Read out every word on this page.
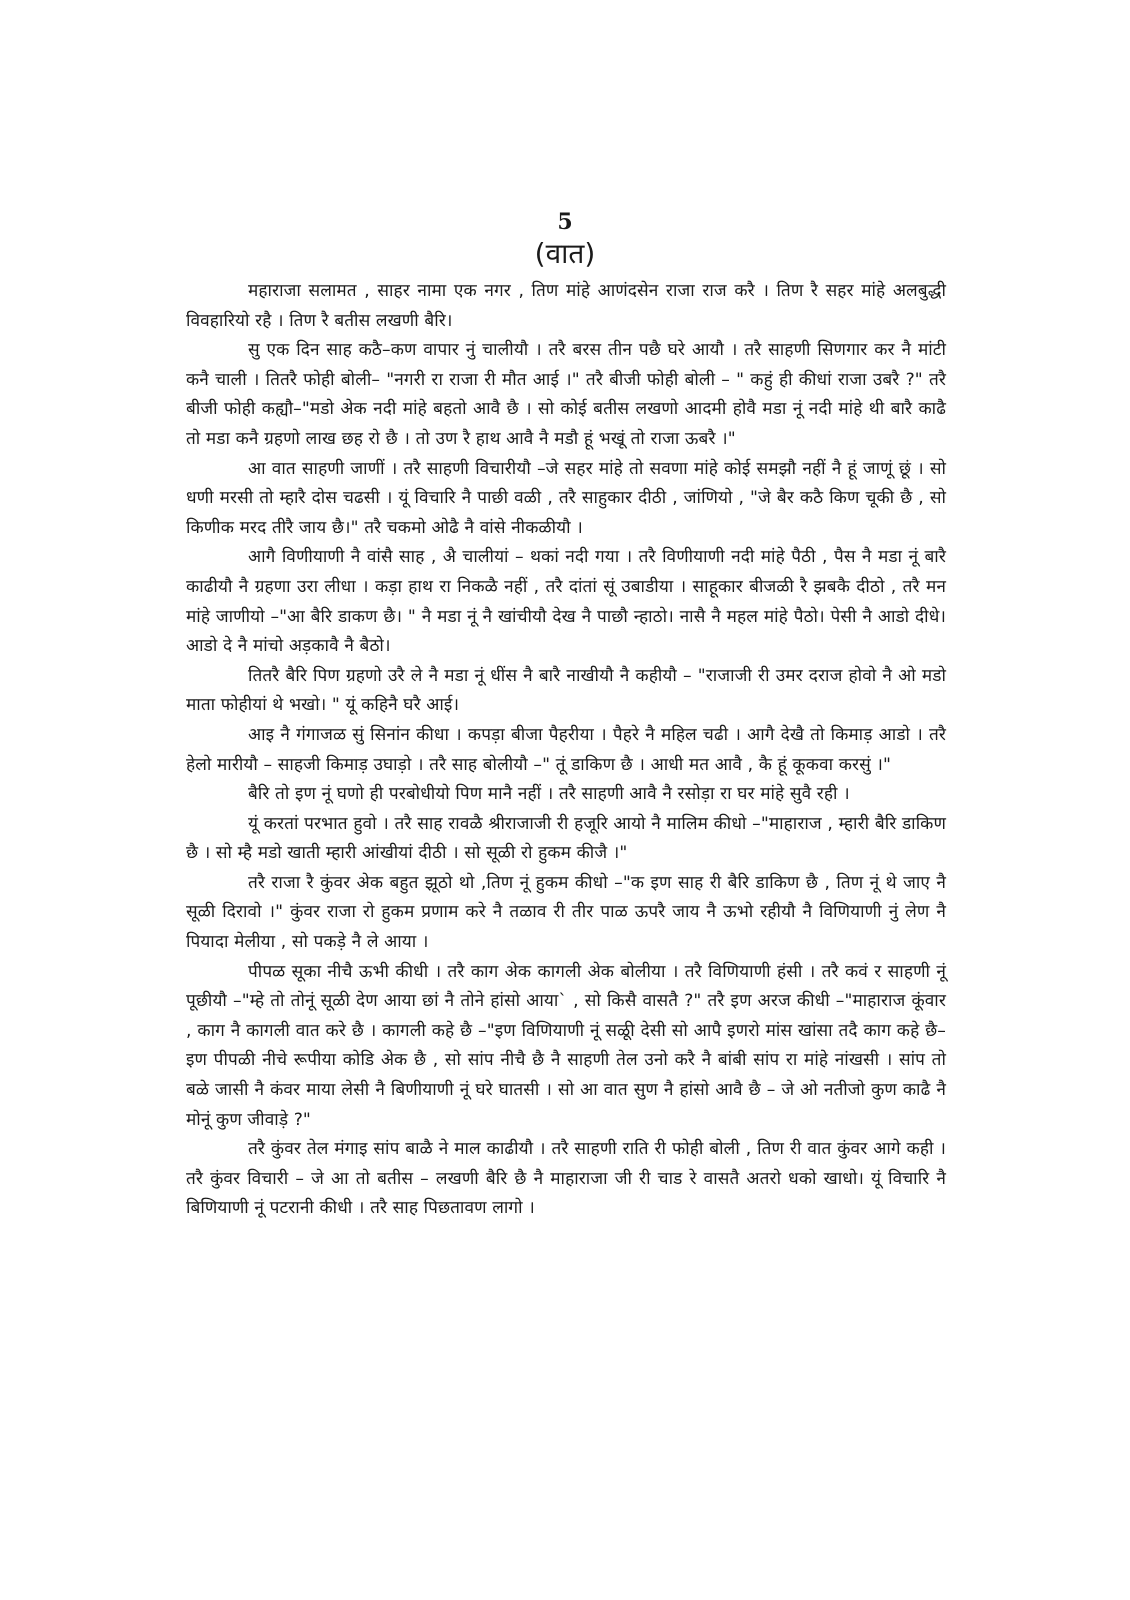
5
(वात)

महाराजा सलामत , साहर नामा एक नगर , तिण मांहे आणंदसेन राजा राज करै । तिण रै सहर मांहे अलबुद्धी विवहारियो रहै । तिण रै बतीस लखणी बैरि।

सु एक दिन साह कठै–कण वापार नुं चालीयौ । तरै बरस तीन पछै घरे आयौ । तरै साहणी सिणगार कर नै मांटी कनै चाली । तितरै फोही बोली– "नगरी रा राजा री मौत आई ।" तरै बीजी फोही बोली – " कहुं ही कीधां राजा उबरै ?" तरै बीजी फोही कह्यौ–"मडो अेक नदी मांहे बहतो आवै छै । सो कोई बतीस लखणो आदमी होवै मडा नूं नदी मांहे थी बारै काढै तो मडा कनै ग्रहणो लाख छह रो छै । तो उण रै हाथ आवै नै मडौ हूं भखूं तो राजा ऊबरै ।"

आ वात साहणी जाणीं । तरै साहणी विचारीयौ –जे सहर मांहे तो सवणा मांहे कोई समझौ नहीं नै हूं जाणूं छूं । सो धणी मरसी तो म्हारै दोस चढसी । यूं विचारि नै पाछी वळी , तरै साहुकार दीठी , जांणियो , "जे बैर कठै किण चूकी छै , सो किणीक मरद तीरै जाय छै।" तरै चकमो ओढै नै वांसे नीकळीयौ ।

आगै विणीयाणी नै वांसै साह , अै चालीयां – थकां नदी गया । तरै विणीयाणी नदी मांहे पैठी , पैस नै मडा नूं बारै काढीयौ नै ग्रहणा उरा लीधा । कड़ा हाथ रा निकळै नहीं , तरै दांतां सूं उबाडीया । साहूकार बीजळी रै झबकै दीठो , तरै मन मांहे जाणीयो –"आ बैरि डाकण छै। " नै मडा नूं नै खांचीयौ देख नै पाछौ न्हाठो। नासै नै महल मांहे पैठो। पेसी नै आडो दीधे। आडो दे नै मांचो अड़कावै नै बैठो।

तितरै बैरि पिण ग्रहणो उरै ले नै मडा नूं धींस नै बारै नाखीयौ नै कहीयौ – "राजाजी री उमर दराज होवो नै ओ मडो माता फोहीयां थे भखो। " यूं कहिनै घरै आई।

आइ नै गंगाजळ सुं सिनांन कीधा । कपड़ा बीजा पैहरीया । पैहरे नै महिल चढी । आगै देखै तो किमाड़ आडो । तरै हेलो मारीयौ – साहजी किमाड़ उघाड़ो । तरै साह बोलीयौ –" तूं डाकिण छै । आधी मत आवै , कै हूं कूकवा करसुं ।"

बैरि तो इण नूं घणो ही परबोधीयो पिण मानै नहीं । तरै साहणी आवै नै रसोड़ा रा घर मांहे सुवै रही ।

यूं करतां परभात हुवो । तरै साह रावळै श्रीराजाजी री हजूरि आयो नै मालिम कीधो –"माहाराज , म्हारी बैरि डाकिण छै । सो म्है मडो खाती म्हारी आंखीयां दीठी । सो सूळी रो हुकम कीजै ।"

तरै राजा रै कुंवर अेक बहुत झूठो थो ,तिण नूं हुकम कीधो –"क इण साह री बैरि डाकिण छै , तिण नूं थे जाए नै सूळी दिरावो ।" कुंवर राजा रो हुकम प्रणाम करे नै तळाव री तीर पाळ ऊपरै जाय नै ऊभो रहीयौ नै विणियाणी नुं लेण नै पियादा मेलीया , सो पकड़े नै ले आया ।

पीपळ सूका नीचै ऊभी कीधी । तरै काग अेक कागली अेक बोलीया । तरै विणियाणी हंसी । तरै कवं र साहणी नूं पूछीयौ –"म्हे तो तोनूं सूळी देण आया छां नै तोने हांसो आया` , सो किसै वासतै ?" तरै इण अरज कीधी –"माहाराज कूंवार , काग नै कागली वात करे छै । कागली कहे छै –"इण विणियाणी नूं सळूी देसी सो आपै इणरो मांस खांसा तदै काग कहे छै– इण पीपळी नीचे रूपीया कोडि अेक छै , सो सांप नीचै छै नै साहणी तेल उनो करै नै बांबी सांप रा मांहे नांखसी । सांप तो बळे जासी नै कंवर माया लेसी नै बिणीयाणी नूं घरे घातसी । सो आ वात सुण नै हांसो आवै छै – जे ओ नतीजो कुण काढै नै मोनूं कुण जीवाड़े ?"

तरै कुंवर तेल मंगाइ सांप बाळै ने माल काढीयौ । तरै साहणी राति री फोही बोली , तिण री वात कुंवर आगे कही । तरै कुंवर विचारी – जे आ तो बतीस – लखणी बैरि छै नै माहाराजा जी री चाड रे वासतै अतरो धको खाधो। यूं विचारि नै बिणियाणी नूं पटरानी कीधी । तरै साह पिछतावण लागो ।
